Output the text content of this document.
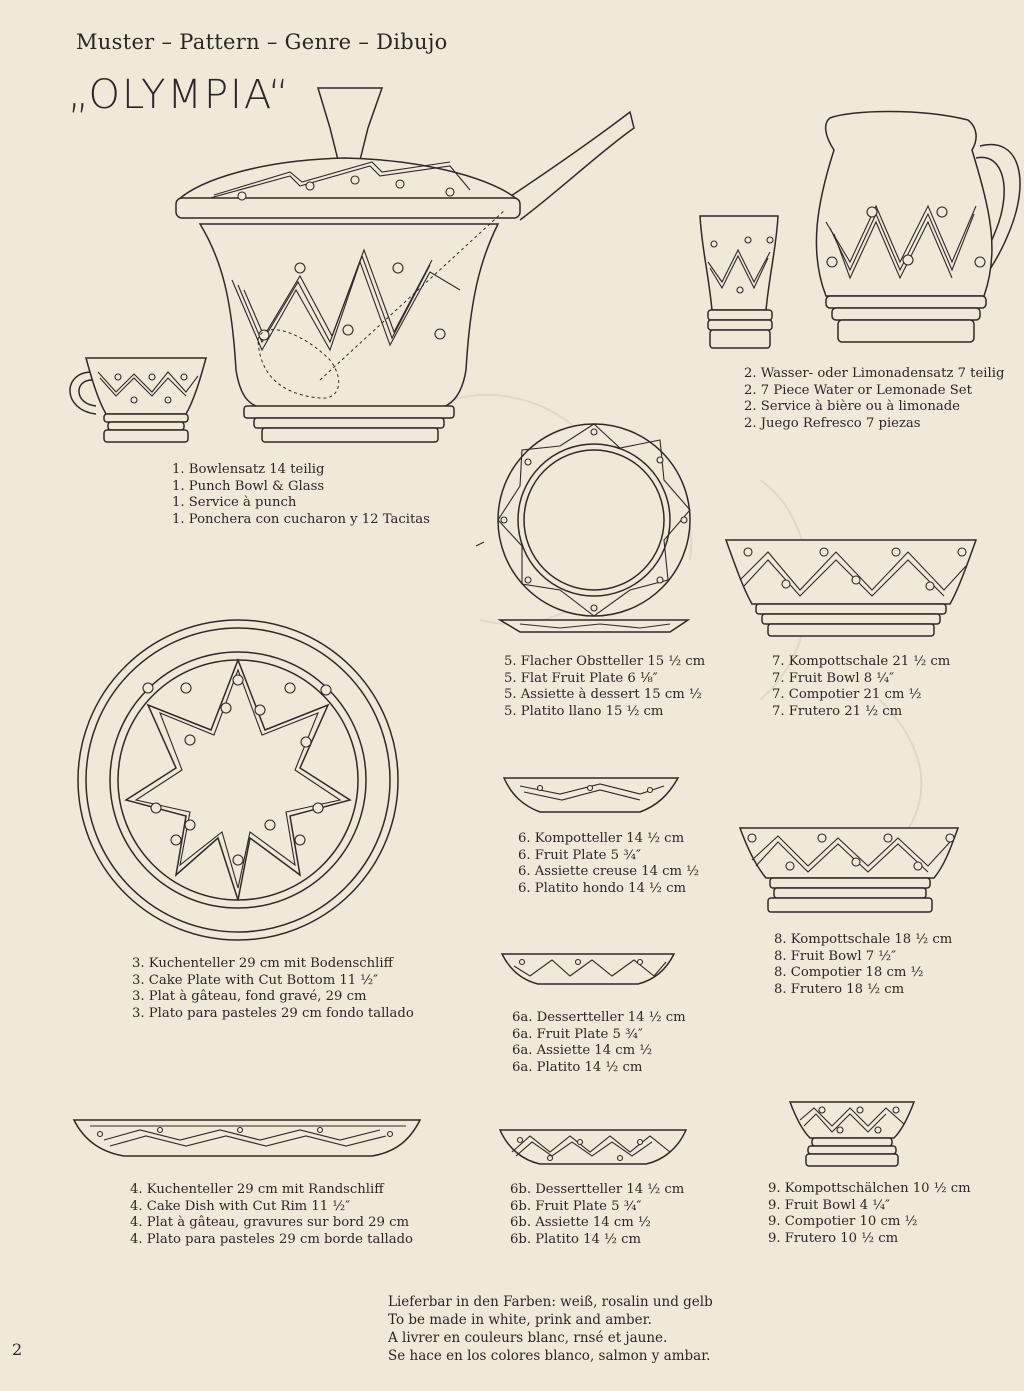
Muster – Pattern – Genre – Dibujo
„OLYMPIA“
1. Bowlensatz 14 teilig
1. Punch Bowl & Glass
1. Service à punch
1. Ponchera con cucharon y 12 Tacitas
2. Wasser- oder Limonadensatz 7 teilig
2. 7 Piece Water or Lemonade Set
2. Service à bière ou à limonade
2. Juego Refresco 7 piezas
5. Flacher Obstteller 15 ½ cm
5. Flat Fruit Plate 6 ⅛″
5. Assiette à dessert 15 cm ½
5. Platito llano 15 ½ cm
7. Kompottschale 21 ½ cm
7. Fruit Bowl 8 ¼″
7. Compotier 21 cm ½
7. Frutero 21 ½ cm
6. Kompotteller 14 ½ cm
6. Fruit Plate 5 ¾″
6. Assiette creuse 14 cm ½
6. Platito hondo 14 ½ cm
8. Kompottschale 18 ½ cm
8. Fruit Bowl 7 ½″
8. Compotier 18 cm ½
8. Frutero 18 ½ cm
3. Kuchenteller 29 cm mit Bodenschliff
3. Cake Plate with Cut Bottom 11 ½″
3. Plat à gâteau, fond gravé, 29 cm
3. Plato para pasteles 29 cm fondo tallado	6a. Dessertteller 14 ½ cm
6a. Fruit Plate 5 ¾″
6a. Assiette 14 cm ½
6a. Platito 14 ½ cm
4. Kuchenteller 29 cm mit Randschliff
4. Cake Dish with Cut Rim 11 ½″
4. Plat à gâteau, gravures sur bord 29 cm
4. Plato para pasteles 29 cm borde tallado
6b. Dessertteller 14 ½ cm
6b. Fruit Plate 5 ¾″
6b. Assiette 14 cm ½
6b. Platito 14 ½ cm
9. Kompottschälchen 10 ½ cm
9. Fruit Bowl 4 ¼″
9. Compotier 10 cm ½
9. Frutero 10 ½ cm
Lieferbar in den Farben: weiß, rosalin und gelb
To be made in white, prink and amber.
A livrer en couleurs blanc, rnsé et jaune.
Se hace en los colores blanco, salmon y ambar.
2
